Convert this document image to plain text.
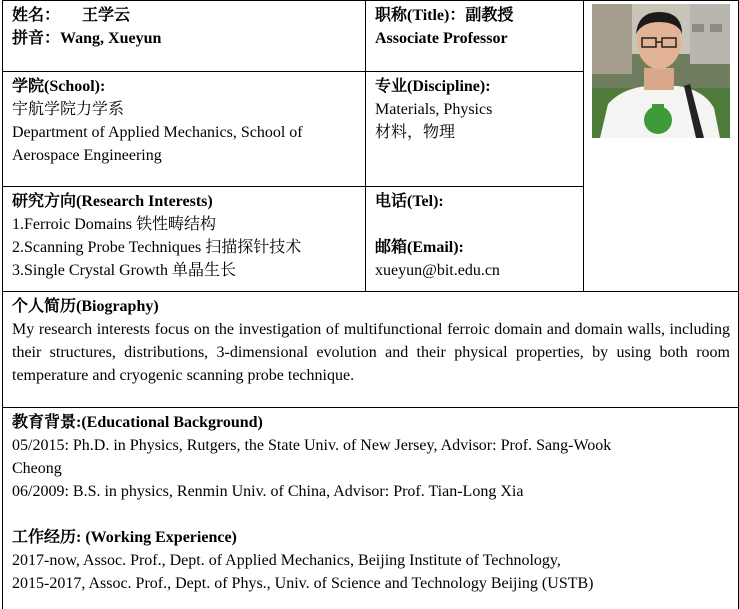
姓名： 王学云
拼音：Wang, Xueyun
职称(Title)：副教授
Associate Professor
学院(School):
宇航学院力学系
Department of Applied Mechanics, School of
Aerospace Engineering
专业(Discipline):
Materials, Physics
材料，物理
研究方向(Research Interests)
1.Ferroic Domains 铁性畴结构
2.Scanning Probe Techniques 扫描探针技术
3.Single Crystal Growth 单晶生长
电话(Tel):

邮箱(Email):
xueyun@bit.edu.cn
个人简历(Biography)
My research interests focus on the investigation of multifunctional ferroic domain and domain walls, including their structures, distributions, 3-dimensional evolution and their physical properties, by using both room temperature and cryogenic scanning probe technique.
教育背景:(Educational Background)
05/2015: Ph.D. in Physics, Rutgers, the State Univ. of New Jersey, Advisor: Prof. Sang-Wook
Cheong
06/2009: B.S. in physics, Renmin Univ. of China, Advisor: Prof. Tian-Long Xia

工作经历: (Working Experience)
2017-now, Assoc. Prof., Dept. of Applied Mechanics, Beijing Institute of Technology,
2015-2017, Assoc. Prof., Dept. of Phys., Univ. of Science and Technology Beijing (USTB)
